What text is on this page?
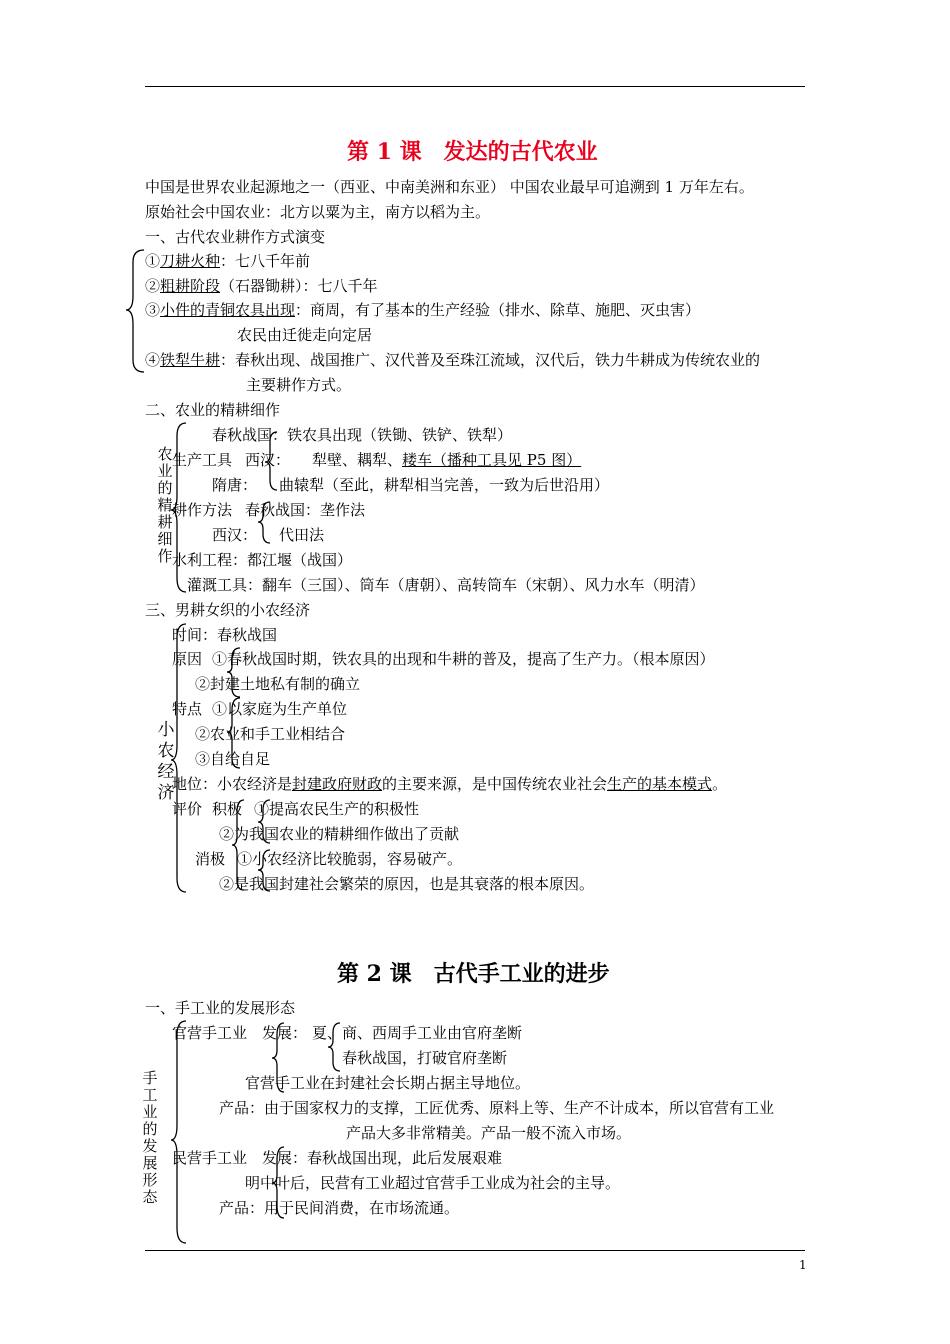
第 1 课　发达的古代农业
中国是世界农业起源地之一（西亚、中南美洲和东亚） 中国农业最早可追溯到 1 万年左右。
原始社会中国农业：北方以粟为主，南方以稻为主。
一、古代农业耕作方式演变
①刀耕火种：七八千年前
②粗耕阶段（石器锄耕）：七八千年
③小件的青铜农具出现：商周，有了基本的生产经验（排水、除草、施肥、灭虫害）
农民由迁徙走向定居
④铁犁牛耕：春秋出现、战国推广、汉代普及至珠江流域，汉代后，铁力牛耕成为传统农业的
主要耕作方式。
二、农业的精耕细作
农业的精耕细作
春秋战国：铁农具出现（铁锄、铁铲、铁犁）
生产工具 西汉： 犁壁、耦犁、耧车（播种工具见 P5 图）
隋唐： 曲辕犁（至此，耕犁相当完善，一致为后世沿用）
耕作方法 春秋战国：垄作法
西汉： 代田法
水利工程：都江堰（战国）
灌溉工具：翻车（三国）、筒车（唐朝）、高转筒车（宋朝）、风力水车（明清）
三、男耕女织的小农经济
小农经济
时间：春秋战国
原因 ①春秋战国时期，铁农具的出现和牛耕的普及，提高了生产力。（根本原因）
②封建土地私有制的确立
特点 ①以家庭为生产单位
②农业和手工业相结合
③自给自足
地位：小农经济是封建政府财政的主要来源，是中国传统农业社会生产的基本模式。
评价 积极 ①提高农民生产的积极性
②为我国农业的精耕细作做出了贡献
消极 ①小农经济比较脆弱，容易破产。
②是我国封建社会繁荣的原因，也是其衰落的根本原因。
第 2 课　古代手工业的进步
一、手工业的发展形态
手工业的发展形态
官营手工业 发展： 夏、商、西周手工业由官府垄断
春秋战国，打破官府垄断
官营手工业在封建社会长期占据主导地位。
产品：由于国家权力的支撑，工匠优秀、原料上等、生产不计成本，所以官营有工业
产品大多非常精美。产品一般不流入市场。
民营手工业 发展：春秋战国出现，此后发展艰难
明中叶后，民营有工业超过官营手工业成为社会的主导。
产品：用于民间消费，在市场流通。
1
